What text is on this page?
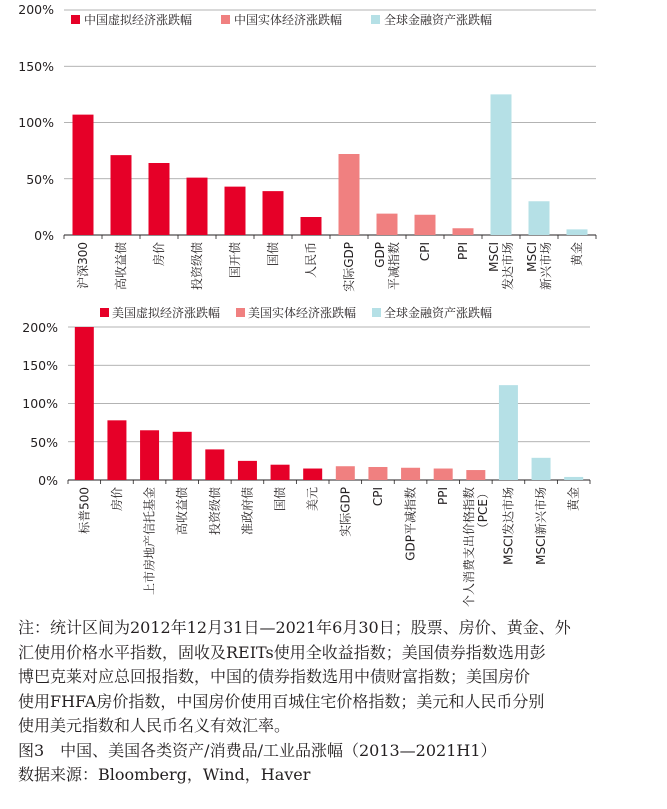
200%
150%
100%
50%
0%
中国虚拟经济涨跌幅	中国实体经济涨跌幅	全球金融资产涨跌幅
沪深300 高收益债 房价 投资级债 国开债 国债 人民币 实际GDP GDP 平减指数 CPI PPI MSCI 发达市场 MSCI 新兴市场 黄金
200%
150%
100%
50%
0%
美国虚拟经济涨跌幅 美国实体经济涨跌幅 全球金融资产涨跌幅
标普500 房价 上市房地产信托基金 高收益债 投资级债 准政府债 国债 美元 实际GDP CPI GDP平减指数 PPI 个人消费支出价格指数 （PCE） MSCI发达市场 MSCI新兴市场 黄金
注：统计区间为2012年12月31日—2021年6月30日；股票、房价、黄金、外
汇使用价格水平指数，固收及REITs使用全收益指数；美国债券指数选用彭
博巴克莱对应总回报指数，中国的债券指数选用中债财富指数；美国房价
使用FHFA房价指数，中国房价使用百城住宅价格指数；美元和人民币分别
使用美元指数和人民币名义有效汇率。
图3　中国、美国各类资产/消费品/工业品涨幅（2013—2021H1）
数据来源：Bloomberg，Wind，Haver
